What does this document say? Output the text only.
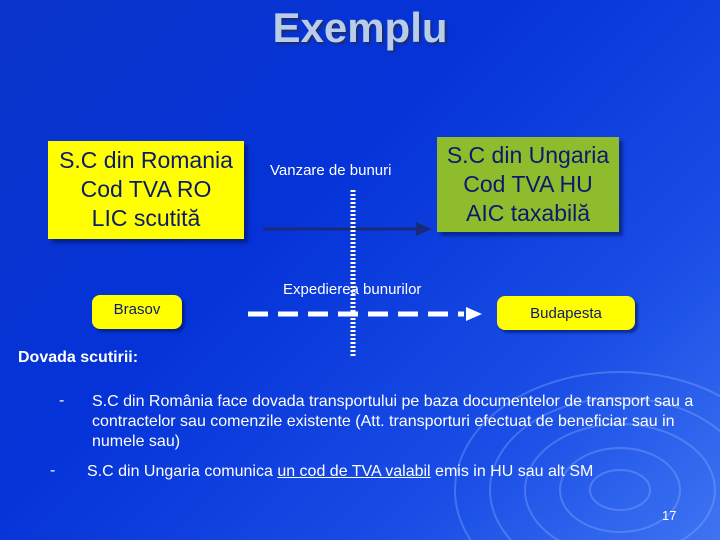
Exemplu
S.C din Romania
Cod TVA RO
LIC scutită
S.C din Ungaria
Cod TVA HU
AIC taxabilă
Vanzare de bunuri
Expedierea bunurilor
Brasov	Budapesta
Dovada scutirii:
- S.C din România face dovada transportului pe baza documentelor de transport sau a contractelor sau comenzile existente (Att. transporturi efectuat de beneficiar sau in numele sau)
- S.C din Ungaria comunica un cod de TVA valabil emis in HU sau alt SM
17
